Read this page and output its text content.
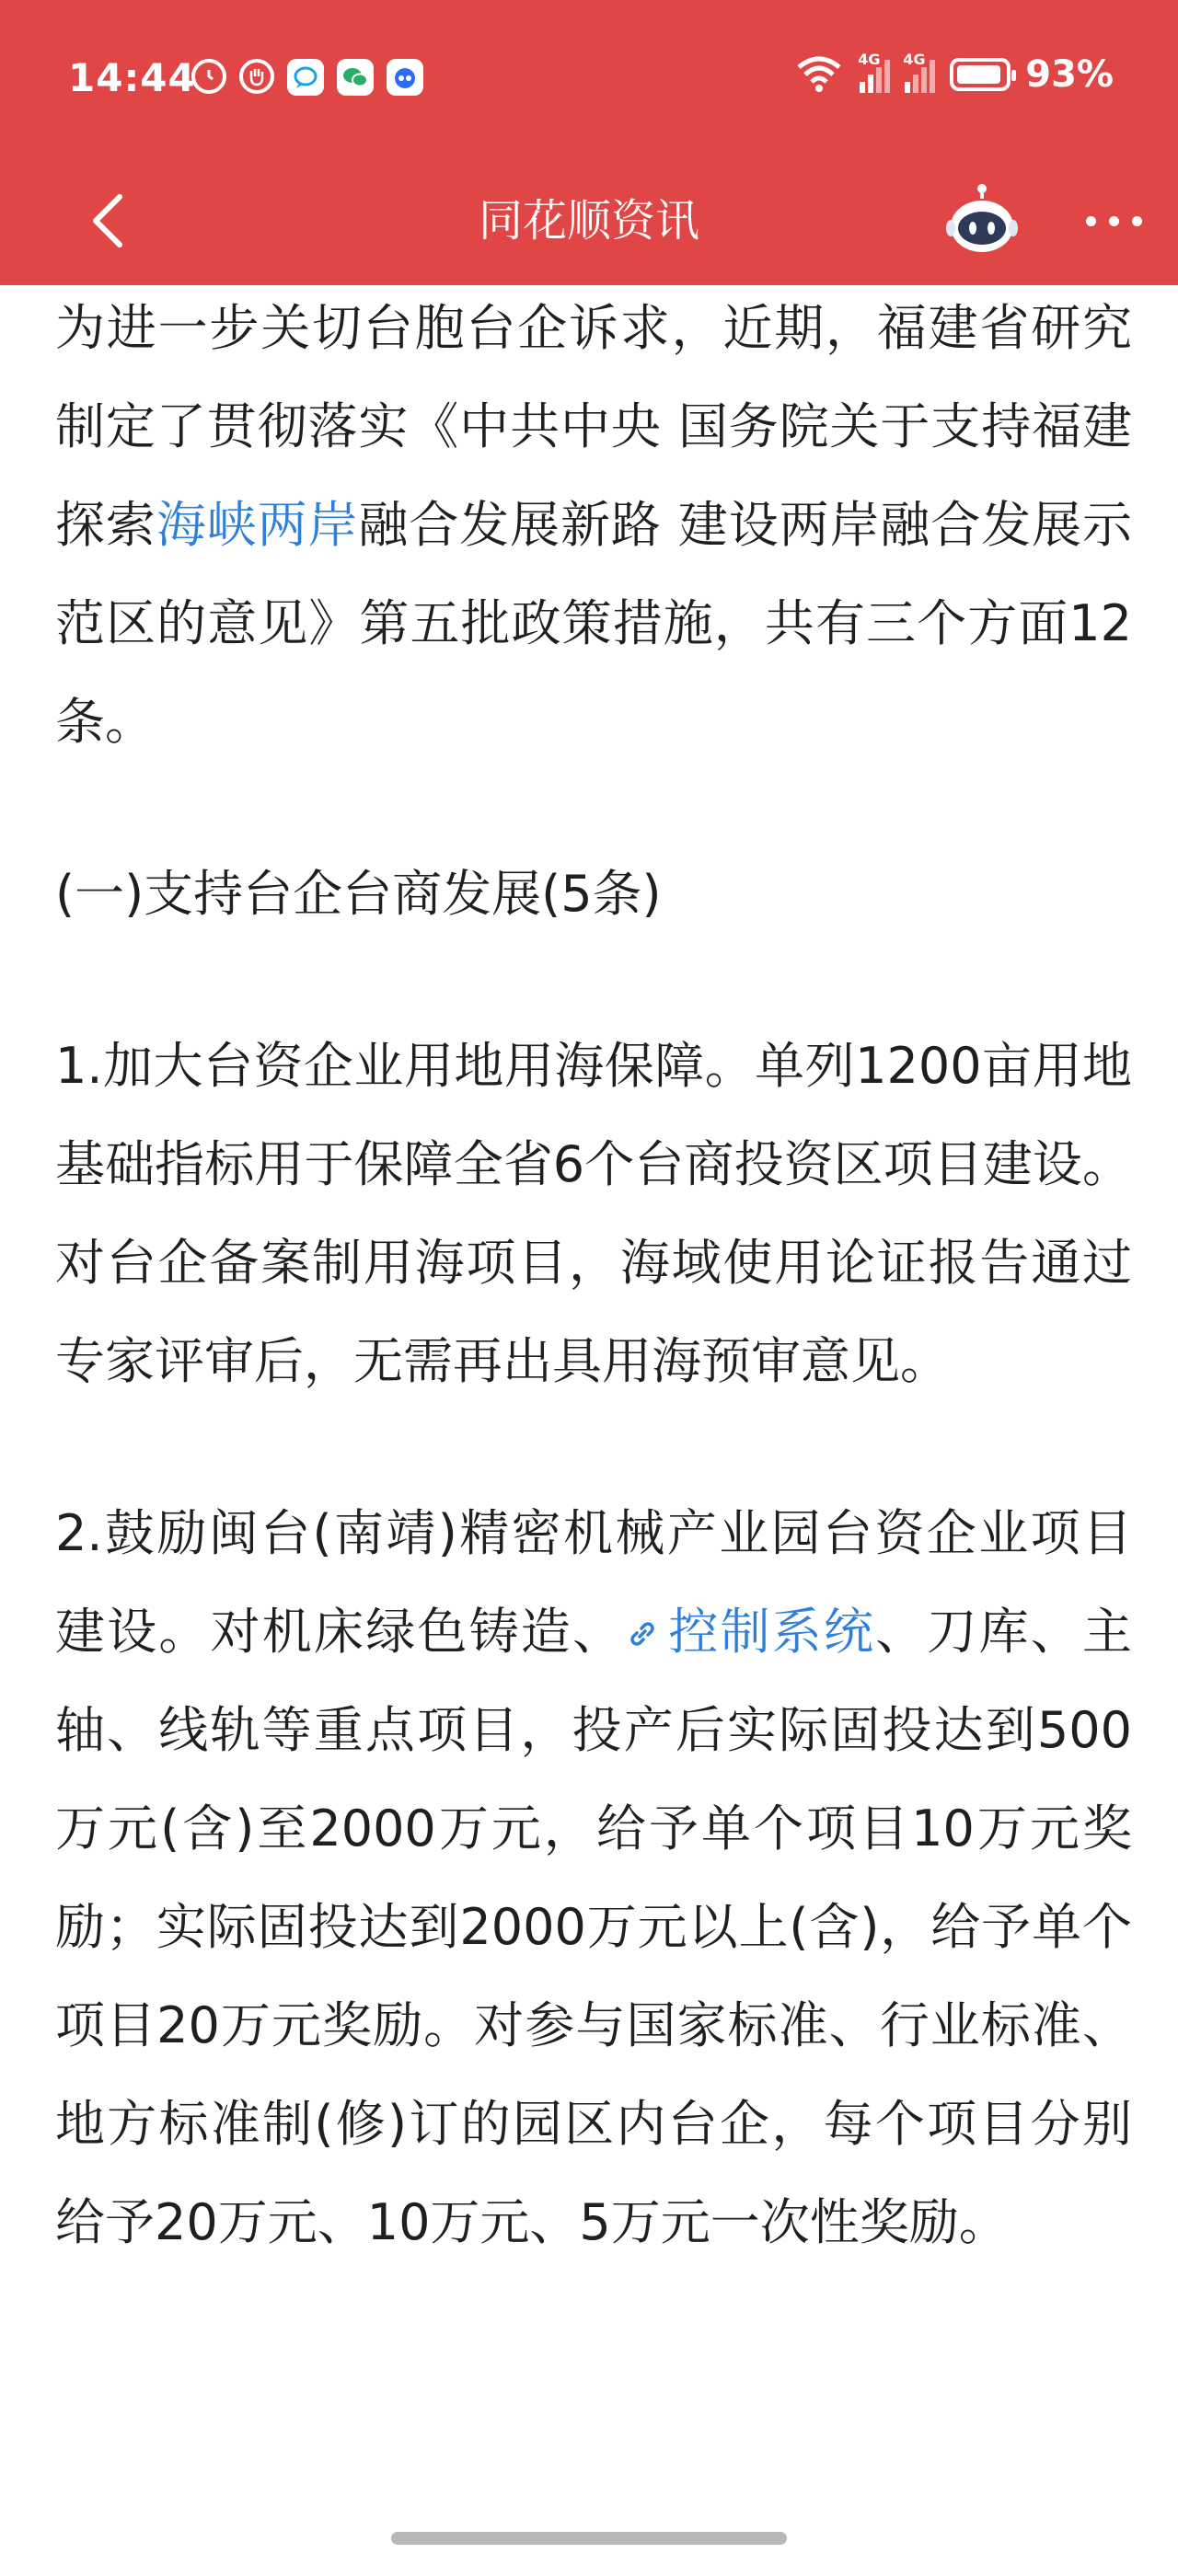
14:44	4G 4G	93%
同花顺资讯

为进一步关切台胞台企诉求，近期，福建省研究制定了贯彻落实《中共中央 国务院关于支持福建探索海峡两岸融合发展新路 建设两岸融合发展示范区的意见》第五批政策措施，共有三个方面12条。

(一)支持台企台商发展(5条)

1.加大台资企业用地用海保障。单列1200亩用地基础指标用于保障全省6个台商投资区项目建设。对台企备案制用海项目，海域使用论证报告通过专家评审后，无需再出具用海预审意见。

2.鼓励闽台(南靖)精密机械产业园台资企业项目建设。对机床绿色铸造、 控制系统、刀库、主轴、线轨等重点项目，投产后实际固投达到500万元(含)至2000万元，给予单个项目10万元奖励；实际固投达到2000万元以上(含)，给予单个项目20万元奖励。对参与国家标准、行业标准、地方标准制(修)订的园区内台企，每个项目分别给予20万元、10万元、5万元一次性奖励。
